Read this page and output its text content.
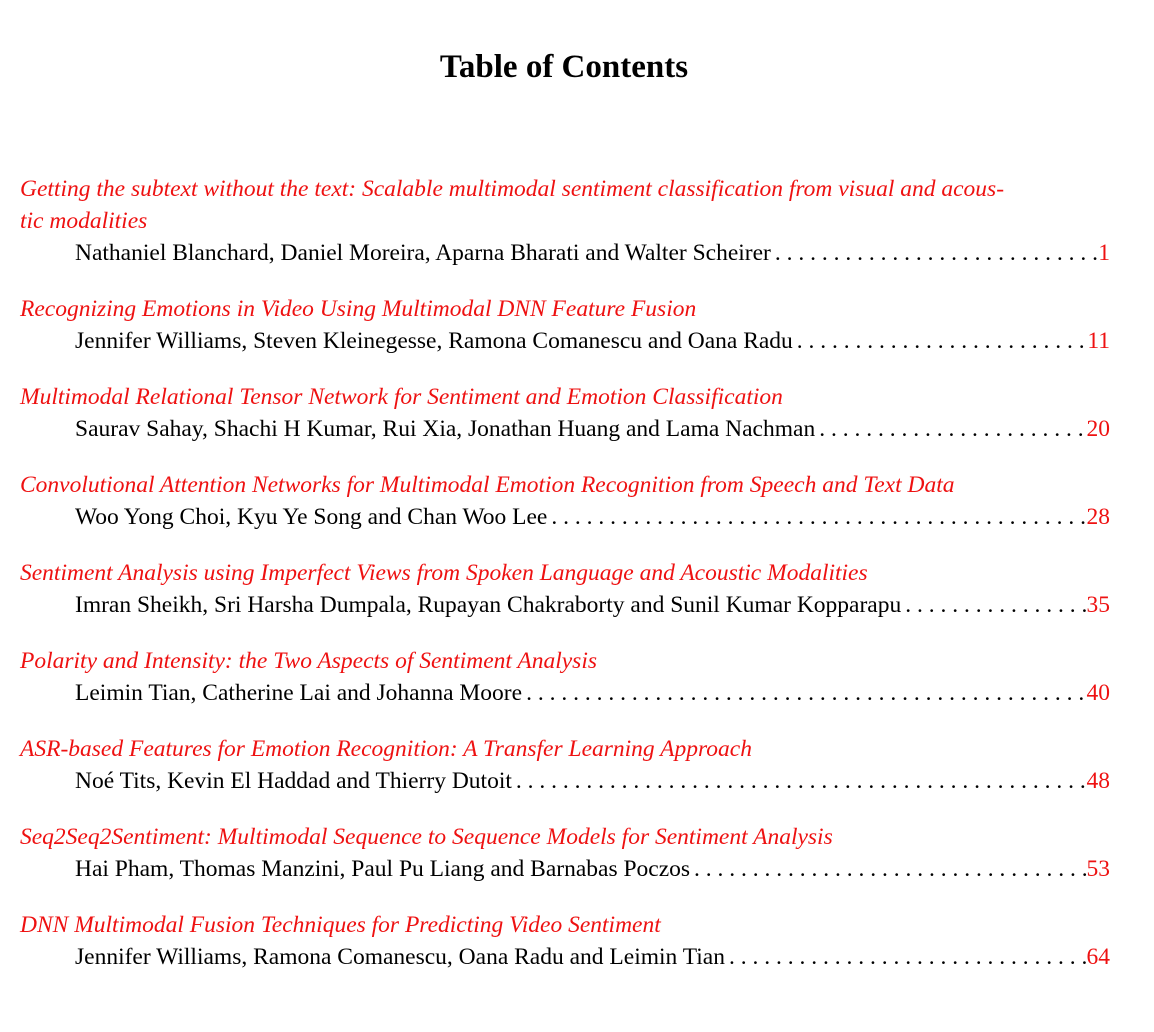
Table of Contents
Getting the subtext without the text: Scalable multimodal sentiment classification from visual and acous-
tic modalities
Nathaniel Blanchard, Daniel Moreira, Aparna Bharati and Walter Scheirer . . .	1
Recognizing Emotions in Video Using Multimodal DNN Feature Fusion
Jennifer Williams, Steven Kleinegesse, Ramona Comanescu and Oana Radu . . .	11
Multimodal Relational Tensor Network for Sentiment and Emotion Classification
Saurav Sahay, Shachi H Kumar, Rui Xia, Jonathan Huang and Lama Nachman . . .	20
Convolutional Attention Networks for Multimodal Emotion Recognition from Speech and Text Data
Woo Yong Choi, Kyu Ye Song and Chan Woo Lee . . .	28
Sentiment Analysis using Imperfect Views from Spoken Language and Acoustic Modalities
Imran Sheikh, Sri Harsha Dumpala, Rupayan Chakraborty and Sunil Kumar Kopparapu . . .	35
Polarity and Intensity: the Two Aspects of Sentiment Analysis
Leimin Tian, Catherine Lai and Johanna Moore . . .	40
ASR-based Features for Emotion Recognition: A Transfer Learning Approach
Noé Tits, Kevin El Haddad and Thierry Dutoit . . .	48
Seq2Seq2Sentiment: Multimodal Sequence to Sequence Models for Sentiment Analysis
Hai Pham, Thomas Manzini, Paul Pu Liang and Barnabas Poczos . . .	53
DNN Multimodal Fusion Techniques for Predicting Video Sentiment
Jennifer Williams, Ramona Comanescu, Oana Radu and Leimin Tian . . .	64
